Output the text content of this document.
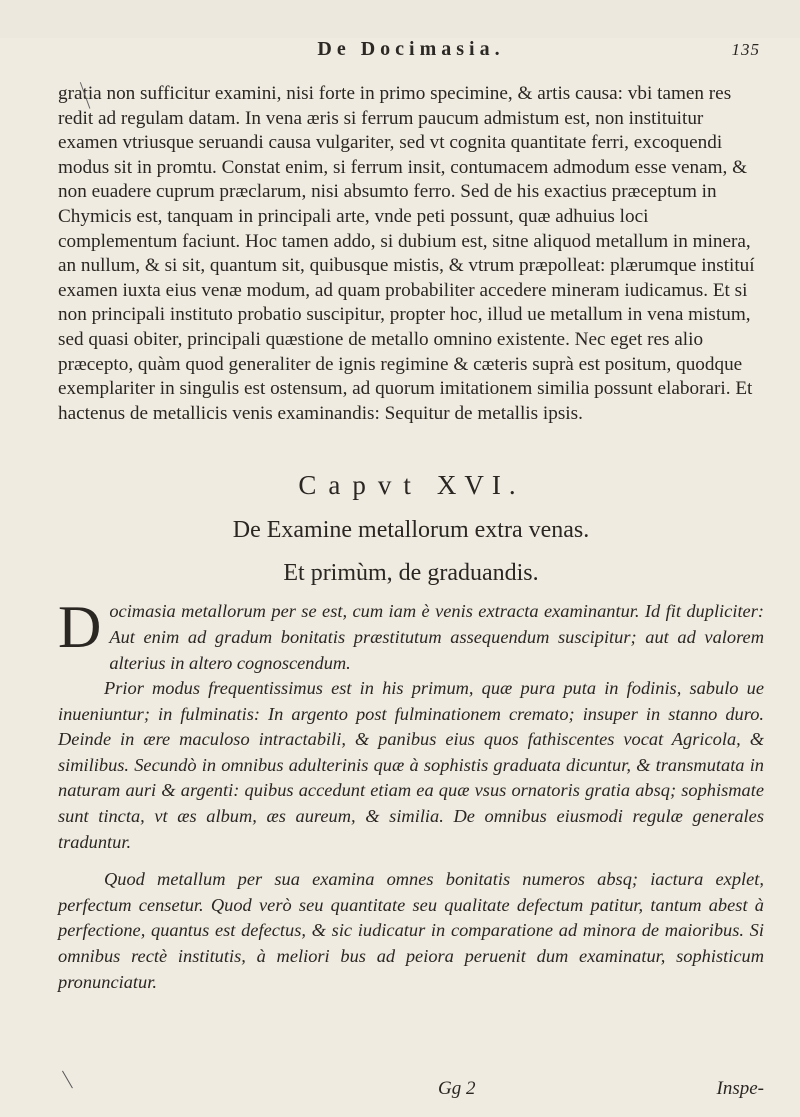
De Docimasia.	135

gratia non sufficitur examini, nisi forte in primo specimine, & artis causa: vbi tamen res redit ad regulam datam. In vena æris si ferrum paucum admistum est, non instituitur examen vtriusque seruandi causa vulgariter, sed vt cognita quantitate ferri, excoquendi modus sit in promtu. Constat enim, si ferrum insit, contumacem admodum esse venam, & non euadere cuprum præclarum, nisi absumto ferro. Sed de his exactius præceptum in Chymicis est, tanquam in principali arte, vnde peti possunt, quæ adhuius loci complementum faciunt. Hoc tamen addo, si dubium est, sitne aliquod metallum in minera, an nullum, & si sit, quantum sit, quibusque mistis, & vtrum præpolleat: plærumque instituí examen iuxta eius venæ modum, ad quam probabiliter accedere mineram iudicamus. Et si non principali instituto probatio suscipitur, propter hoc, illud ue metallum in vena mistum, sed quasi obiter, principali quæstione de metallo omnino existente. Nec eget res alio præcepto, quàm quod generaliter de ignis regimine & cæteris suprà est positum, quodque exemplariter in singulis est ostensum, ad quorum imitationem similia possunt elaborari. Et hactenus de metallicis venis examinandis: Sequitur de metallis ipsis.

Capvt XVI.
De Examine metallorum extra venas.
Et primùm, de graduandis.

Docimasia metallorum per se est, cum iam è venis extracta examinantur. Id fit dupliciter: Aut enim ad gradum bonitatis præstitutum assequendum suscipitur; aut ad valorem alterius in altero cognoscendum.

Prior modus frequentissimus est in his primum, quæ pura puta in fodinis, sabulo ue inueniuntur; in fulminatis: In argento post fulminationem cremato; insuper in stanno duro. Deinde in ære maculoso intractabili, & panibus eius quos fathiscentes vocat Agricola, & similibus. Secundò in omnibus adulterinis quæ à sophistis graduata dicuntur, & transmutata in naturam auri & argenti: quibus accedunt etiam ea quæ vsus ornatoris gratia absq; sophismate sunt tincta, vt æs album, æs aureum, & similia. De omnibus eiusmodi regulæ generales traduntur.

Quod metallum per sua examina omnes bonitatis numeros absq; iactura explet, perfectum censetur. Quod verò seu quantitate seu qualitate defectum patitur, tantum abest à perfectione, quantus est defectus, & sic iudicatur in comparatione ad minora de maioribus. Si omnibus rectè institutis, à meliori bus ad peiora peruenit dum examinatur, sophisticum pronunciatur.

Gg 2	Inspe-
